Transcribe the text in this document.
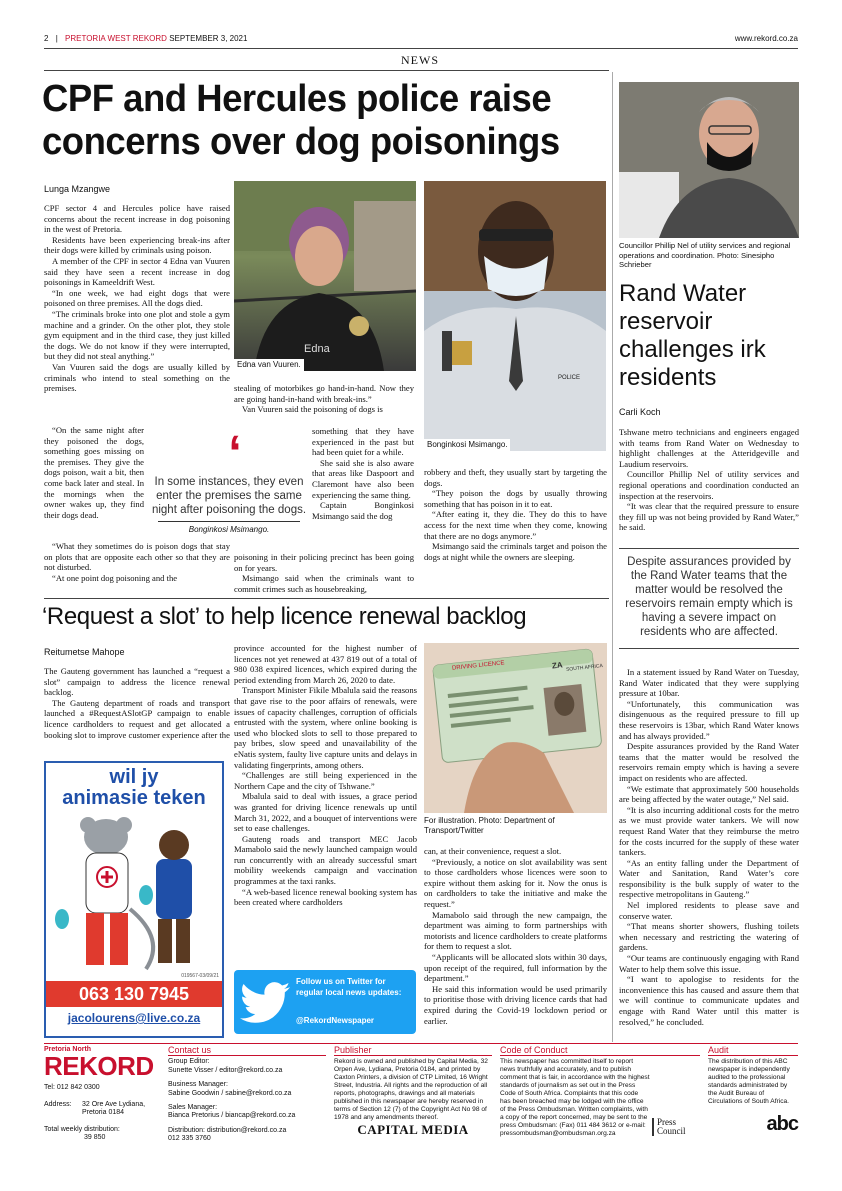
2 | PRETORIA WEST REKORD SEPTEMBER 3, 2021	www.rekord.co.za
NEWS
CPF and Hercules police raise
concerns over dog poisonings
Lunga Mzangwe

CPF sector 4 and Hercules police have raised concerns about the recent increase in dog poisoning in the west of Pretoria.

Residents have been experiencing break-ins after their dogs were killed by criminals using poison.

A member of the CPF in sector 4 Edna van Vuuren said they have seen a recent increase in dog poisonings in Kameeldrift West.

“In one week, we had eight dogs that were poisoned on three premises. All the dogs died.

“The criminals broke into one plot and stole a gym machine and a grinder. On the other plot, they stole gym equipment and in the third case, they just killed the dogs. We do not know if they were interrupted, but they did not steal anything.”

Van Vuuren said the dogs are usually killed by criminals who intend to steal something on the premises.

“On the same night after they poisoned the dogs, something goes missing on the premises. They give the dogs poison, wait a bit, then come back later and steal. In the mornings when the owner wakes up, they find their dogs dead.

“What they sometimes do is poison dogs that stay on plots that are opposite each other so that they are not disturbed.

“At one point dog poisoning and the

Edna
Edna van Vuuren.

stealing of motorbikes go hand-in-hand. Now they are going hand-in-hand with break-ins.”

Van Vuuren said the poisoning of dogs is

‘
In some instances, they even enter the premises the same night after poisoning the dogs.
Bonginkosi Msimango.

something that they have experienced in the past but had been quiet for a while.

She said she is also aware that areas like Daspoort and Claremont have also been experiencing the same thing.

Captain Bonginkosi Msimango said the dog

poisoning in their policing precinct has been going on for years.

Msimango said when the criminals want to commit crimes such as housebreaking,

POLICE
Bonginkosi Msimango.

robbery and theft, they usually start by targeting the dogs.

“They poison the dogs by usually throwing something that has poison in it to eat.

“After eating it, they die. They do this to have access for the next time when they come, knowing that there are no dogs anymore.”

Msimango said the criminals target and poison the dogs at night while the owners are sleeping.

Councillor Phillip Nel of utility services and regional operations and coordination. Photo: Sinesipho Schrieber
Rand Water reservoir challenges irk residents
Carli Koch

Tshwane metro technicians and engineers engaged with teams from Rand Water on Wednesday to highlight challenges at the Atteridgeville and Laudium reservoirs.

Councillor Phillip Nel of utility services and regional operations and coordination conducted an inspection at the reservoirs.

“It was clear that the required pressure to ensure they fill up was not being provided by Rand Water,” he said.

Despite assurances provided by the Rand Water teams that the matter would be resolved the reservoirs remain empty which is having a severe impact on residents who are affected.

In a statement issued by Rand Water on Tuesday, Rand Water indicated that they were supplying pressure at 10bar.

“Unfortunately, this communication was disingenuous as the required pressure to fill up these reservoirs is 13bar, which Rand Water knows and has always provided.”

Despite assurances provided by the Rand Water teams that the matter would be resolved the reservoirs remain empty which is having a severe impact on residents who are affected.

“We estimate that approximately 500 households are being affected by the water outage,” Nel said.

“It is also incurring additional costs for the metro as we must provide water tankers. We will now request Rand Water that they reimburse the metro for the costs incurred for the supply of these water tankers.

“As an entity falling under the Department of Water and Sanitation, Rand Water’s core responsibility is the bulk supply of water to the respective metropolitans in Gauteng.”

Nel implored residents to please save and conserve water.

“That means shorter showers, flushing toilets when necessary and restricting the watering of gardens.

“Our teams are continuously engaging with Rand Water to help them solve this issue.

“I want to apologise to residents for the inconvenience this has caused and assure them that we will continue to communicate updates and engage with Rand Water until this matter is resolved,” he concluded.

‘Request a slot’ to help licence renewal backlog
Reitumetse Mahope

The Gauteng government has launched a “request a slot” campaign to address the licence renewal backlog.

The Gauteng department of roads and transport launched a #RequestASlotGP campaign to enable licence cardholders to request and get allocated a booking slot to improve customer experience after the

province accounted for the highest number of licences not yet renewed at 437 819 out of a total of 980 038 expired licences, which expired during the period extending from March 26, 2020 to date.

Transport Minister Fikile Mbalula said the reasons that gave rise to the poor affairs of renewals, were issues of capacity challenges, corruption of officials entrusted with the system, where online booking is used who blocked slots to sell to those prepared to pay bribes, slow speed and unavailability of the eNatis system, faulty live capture units and delays in validating fingerprints, among others.

“Challenges are still being experienced in the Northern Cape and the city of Tshwane.”

Mbalula said to deal with issues, a grace period was granted for driving licence renewals up until March 31, 2022, and a bouquet of interventions were set to ease challenges.

Gauteng roads and transport MEC Jacob Mamabolo said the newly launched campaign would run concurrently with an already successful smart mobility weekends campaign and vaccination programmes at the taxi ranks.

“A web-based licence renewal booking system has been created where cardholders

DRIVING LICENCE	ZA SOUTH AFRICA
For illustration. Photo: Department of Transport/Twitter

can, at their convenience, request a slot.

“Previously, a notice on slot availability was sent to those cardholders whose licences were soon to expire without them asking for it. Now the onus is on cardholders to take the initiative and make the request.”

Mamabolo said through the new campaign, the department was aiming to form partnerships with motorists and licence cardholders to create platforms for them to request a slot.

“Applicants will be allocated slots within 30 days, upon receipt of the required, full information by the department.”

He said this information would be used primarily to prioritise those with driving licence cards that had expired during the Covid-19 lockdown period or earlier.

wil jy
animasie teken
019567-03/09/21
063 130 7945
jacolourens@live.co.za
Follow us on Twitter for regular local news updates:
@RekordNewspaper
Pretoria North
REKORD
Tel: 012 842 0300
Address:	32 Ore Ave Lydiana, Pretoria 0184
Total weekly distribution:
39 850
Contact us
Group Editor:
Sunette Visser / editor@rekord.co.za
Business Manager:
Sabine Goodwin / sabine@rekord.co.za
Sales Manager:
Bianca Pretorius / biancap@rekord.co.za
Distribution: distribution@rekord.co.za
012 335 3760
Publisher
Rekord is owned and published by Capital Media, 32 Orpen Ave, Lydiana, Pretoria 0184, and printed by Caxton Printers, a division of CTP Limited, 16 Wright Street, Industria. All rights and the reproduction of all reports, photographs, drawings and all materials published in this newspaper are hereby reserved in terms of Section 12 (7) of the Copyright Act No 98 of 1978 and any amendments thereof.
CAPITAL MEDIA
Code of Conduct
This newspaper has committed itself to report news truthfully and accurately, and to publish comment that is fair, in accordance with the highest standards of journalism as set out in the Press Code of South Africa. Complaints that this code has been breached may be lodged with the office of the Press Ombudsman. Written complaints, with a copy of the report concerned, may be sent to the press Ombudsman: (Fax) 011 484 3612 or e-mail: pressombudsman@ombudsman.org.za
Press
Council
Audit
The distribution of this ABC newspaper is independently audited to the professional standards administrated by the Audit Bureau of Circulations of South Africa.
abc
